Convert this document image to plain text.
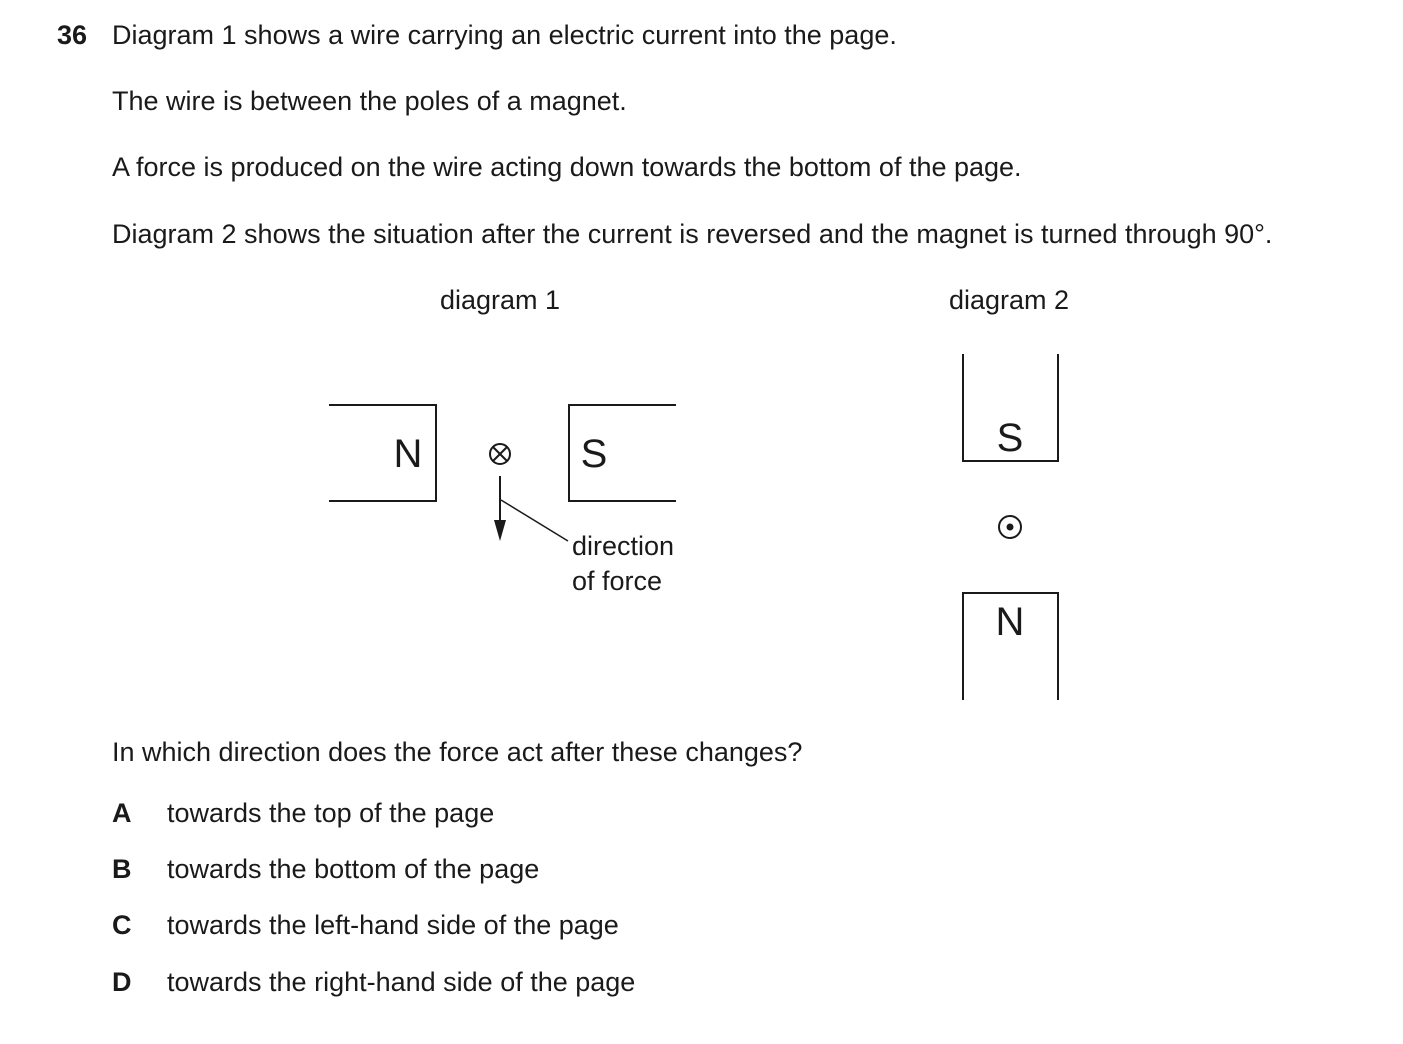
36 Diagram 1 shows a wire carrying an electric current into the page.
The wire is between the poles of a magnet.
A force is produced on the wire acting down towards the bottom of the page.
Diagram 2 shows the situation after the current is reversed and the magnet is turned through 90°.
diagram 1
N	S
direction
of force
diagram 2
S
N
In which direction does the force act after these changes?
A towards the top of the page
B towards the bottom of the page
C towards the left-hand side of the page
D towards the right-hand side of the page
